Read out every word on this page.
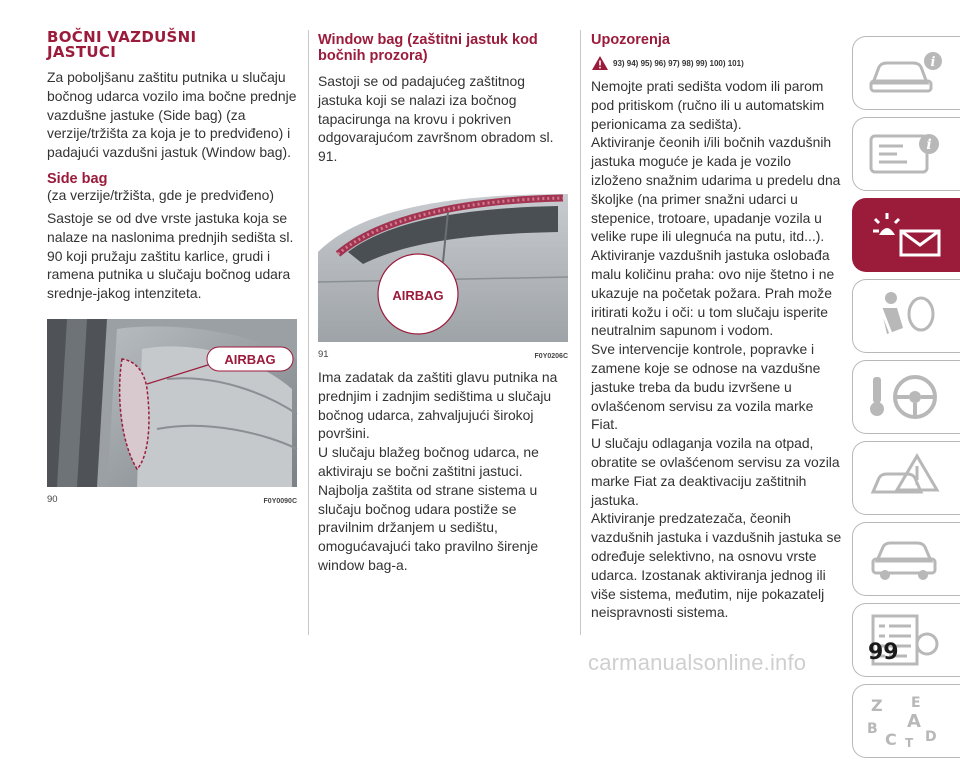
BOČNI VAZDUŠNI JASTUCI

Za poboljšanu zaštitu putnika u slučaju bočnog udarca vozilo ima bočne prednje vazdušne jastuke (Side bag) (za verzije/tržišta za koja je to predviđeno) i padajući vazdušni jastuk (Window bag).

Side bag
(za verzije/tržišta, gde je predviđeno)

Sastoje se od dve vrste jastuka koja se nalaze na naslonima prednjih sedišta sl. 90 koji pružaju zaštitu karlice, grudi i ramena putnika u slučaju bočnog udara srednje-jakog intenziteta.

AIRBAG
90	F0Y0090C
Window bag (zaštitni jastuk kod bočnih prozora)

Sastoji se od padajućeg zaštitnog jastuka koji se nalazi iza bočnog tapacirunga na krovu i pokriven odgovarajućom završnom obradom sl. 91.

AIRBAG
91	F0Y0206C

Ima zadatak da zaštiti glavu putnika na prednjim i zadnjim sedištima u slučaju bočnog udarca, zahvaljujući širokoj površini.
U slučaju blažeg bočnog udarca, ne aktiviraju se bočni zaštitni jastuci.
Najbolja zaštita od strane sistema u slučaju bočnog udara postiže se pravilnim držanjem u sedištu, omogućavajući tako pravilno širenje window bag-a.

Upozorenja
93) 94) 95) 96) 97) 98) 99) 100) 101)

Nemojte prati sedišta vodom ili parom pod pritiskom (ručno ili u automatskim perionicama za sedišta).
Aktiviranje čeonih i/ili bočnih vazdušnih jastuka moguće je kada je vozilo izloženo snažnim udarima u predelu dna školjke (na primer snažni udarci u stepenice, trotoare, upadanje vozila u velike rupe ili ulegnuća na putu, itd...).
Aktiviranje vazdušnih jastuka oslobađa malu količinu praha: ovo nije štetno i ne ukazuje na početak požara. Prah može iritirati kožu i oči: u tom slučaju isperite neutralnim sapunom i vodom.
Sve intervencije kontrole, popravke i zamene koje se odnose na vazdušne jastuke treba da budu izvršene u ovlašćenom servisu za vozila marke Fiat.
U slučaju odlaganja vozila na otpad, obratite se ovlašćenom servisu za vozila marke Fiat za deaktivaciju zaštitnih jastuka.
Aktiviranje predzatezača, čeonih vazdušnih jastuka i vazdušnih jastuka se određuje selektivno, na osnovu vrste udarca. Izostanak aktiviranja jednog ili više sistema, međutim, nije pokazatelj neispravnosti sistema.

i
i
Z E
A
B
C D
T
99
carmanualsonline.info
